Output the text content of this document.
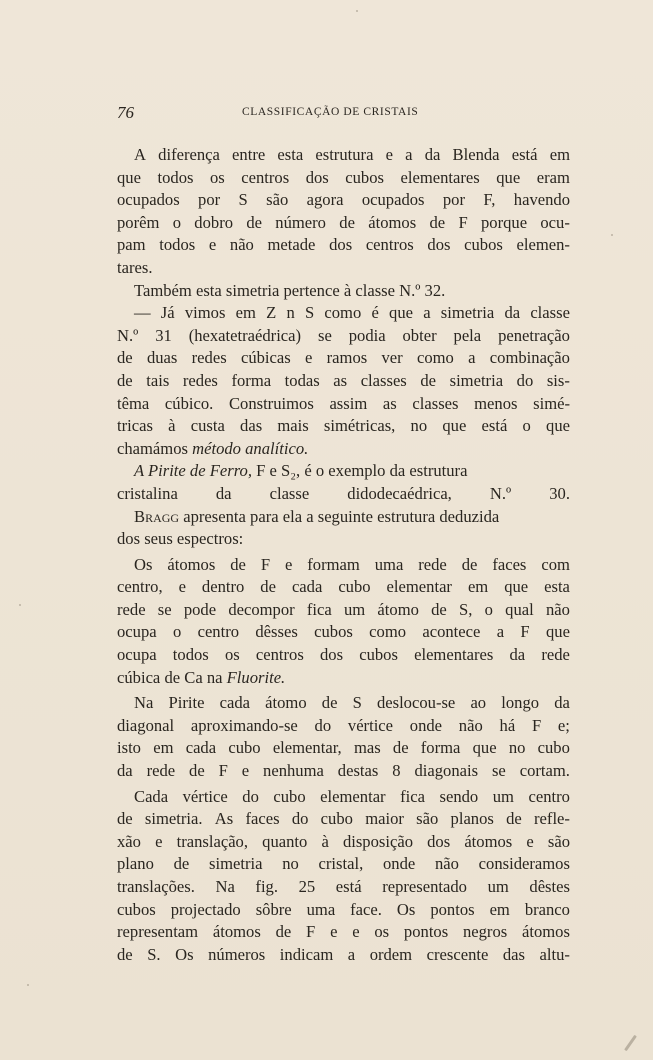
76	CLASSIFICAÇÃO DE CRISTAIS

A diferença entre esta estrutura e a da Blenda está em

que todos os centros dos cubos elementares que eram

ocupados por S são agora ocupados por F, havendo

porêm o dobro de número de átomos de F porque ocu-

pam todos e não metade dos centros dos cubos elemen-

tares.

Também esta simetria pertence à classe N.º 32.

— Já vimos em Z n S como é que a simetria da classe

N.º 31 (hexatetraédrica) se podia obter pela penetração

de duas redes cúbicas e ramos ver como a combinação

de tais redes forma todas as classes de simetria do sis-

têma cúbico. Construimos assim as classes menos simé-

tricas à custa das mais simétricas, no que está o que

chamámos método analítico.

A Pirite de Ferro, F e S₂, é o exemplo da estrutura

cristalina da classe didodecaédrica, N.º 30.

Bragg apresenta para ela a seguinte estrutura deduzida

dos seus espectros:

Os átomos de F e formam uma rede de faces com

centro, e dentro de cada cubo elementar em que esta

rede se pode decompor fica um átomo de S, o qual não

ocupa o centro dêsses cubos como acontece a F que

ocupa todos os centros dos cubos elementares da rede

cúbica de Ca na Fluorite.

Na Pirite cada átomo de S deslocou-se ao longo da

diagonal aproximando-se do vértice onde não há F e;

isto em cada cubo elementar, mas de forma que no cubo

da rede de F e nenhuma destas 8 diagonais se cortam.

Cada vértice do cubo elementar fica sendo um centro

de simetria. As faces do cubo maior são planos de refle-

xão e translação, quanto à disposição dos átomos e são

plano de simetria no cristal, onde não consideramos

translações. Na fig. 25 está representado um dêstes

cubos projectado sôbre uma face. Os pontos em branco

representam átomos de F e e os pontos negros átomos

de S. Os números indicam a ordem crescente das altu-
